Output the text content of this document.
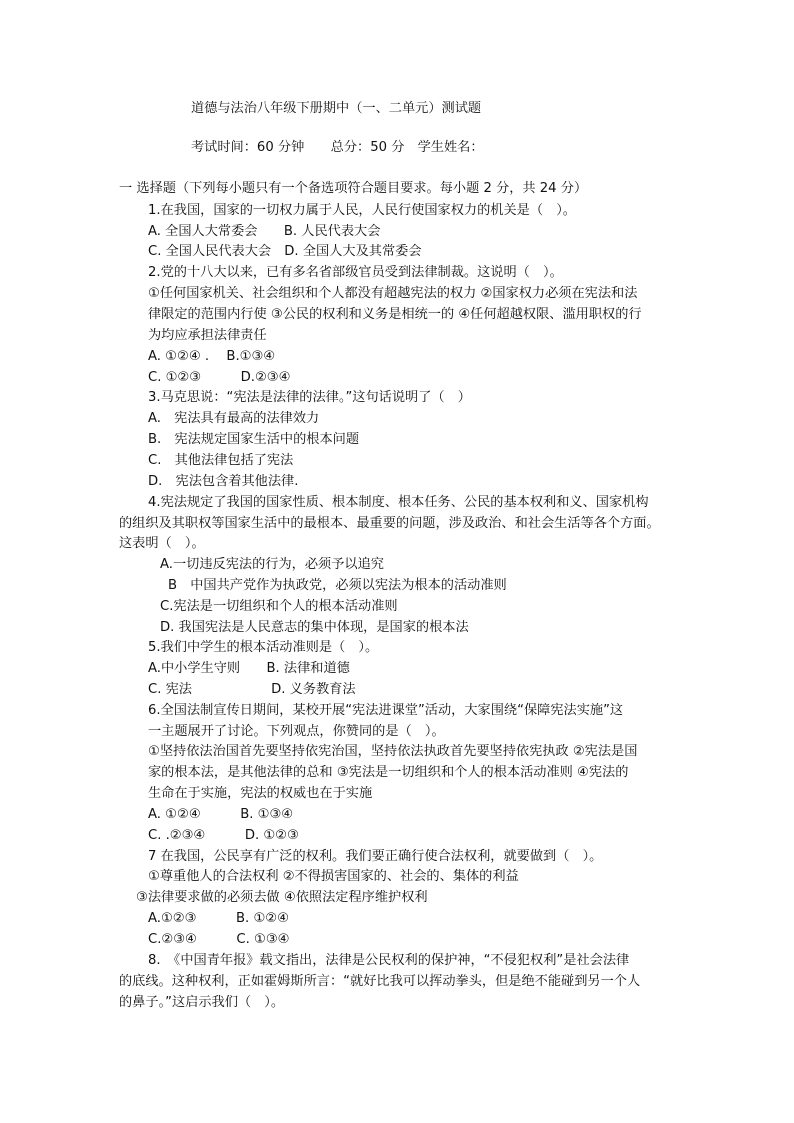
道德与法治八年级下册期中（一、二单元）测试题
考试时间：60 分钟　　总分：50 分　学生姓名：
一 选择题（下列每小题只有一个备选项符合题目要求。每小题 2 分，共 24 分）
1.在我国，国家的一切权力属于人民，人民行使国家权力的机关是（　）。
A. 全国人大常委会　　B. 人民代表大会
C. 全国人民代表大会　D. 全国人大及其常委会
2.党的十八大以来，已有多名省部级官员受到法律制裁。这说明（　）。
①任何国家机关、社会组织和个人都没有超越宪法的权力 ②国家权力必须在宪法和法
律限定的范围内行使 ③公民的权利和义务是相统一的 ④任何超越权限、滥用职权的行
为均应承担法律责任
A. ①②④ .　 B.①③④
C. ①②③　　　D.②③④
3.马克思说：“宪法是法律的法律。”这句话说明了（　）
A.　宪法具有最高的法律效力
B.　宪法规定国家生活中的根本问题
C.　其他法律包括了宪法
D.　宪法包含着其他法律.
4.宪法规定了我国的国家性质、根本制度、根本任务、公民的基本权利和义、国家机构
的组织及其职权等国家生活中的最根本、最重要的问题，涉及政治、和社会生活等各个方面。
这表明（　）。
A.一切违反宪法的行为，必须予以追究
B　中国共产党作为执政党，必须以宪法为根本的活动准则
C.宪法是一切组织和个人的根本活动准则
D. 我国宪法是人民意志的集中体现，是国家的根本法
5.我们中学生的根本活动准则是（　）。
A.中小学生守则　　B. 法律和道德
C. 宪法　　　　　　D. 义务教育法
6.全国法制宣传日期间，某校开展“宪法进课堂”活动，大家围绕“保障宪法实施”这
一主题展开了讨论。下列观点，你赞同的是（　）。
①坚持依法治国首先要坚持依宪治国，坚持依法执政首先要坚持依宪执政 ②宪法是国
家的根本法，是其他法律的总和 ③宪法是一切组织和个人的根本活动准则 ④宪法的
生命在于实施，宪法的权威也在于实施
A. ①②④　　　B. ①③④
C. .②③④　　　D. ①②③
7 在我国，公民享有广泛的权利。我们要正确行使合法权利，就要做到（　）。
①尊重他人的合法权利 ②不得损害国家的、社会的、集体的利益
③法律要求做的必须去做 ④依照法定程序维护权利
A.①②③　　　B. ①②④
C.②③④　　　C. ①③④
8.　《中国青年报》载文指出，法律是公民权利的保护神，“不侵犯权利”是社会法律
的底线。这种权利，正如霍姆斯所言：“就好比我可以挥动拳头，但是绝不能碰到另一个人
的鼻子。”这启示我们（　）。
